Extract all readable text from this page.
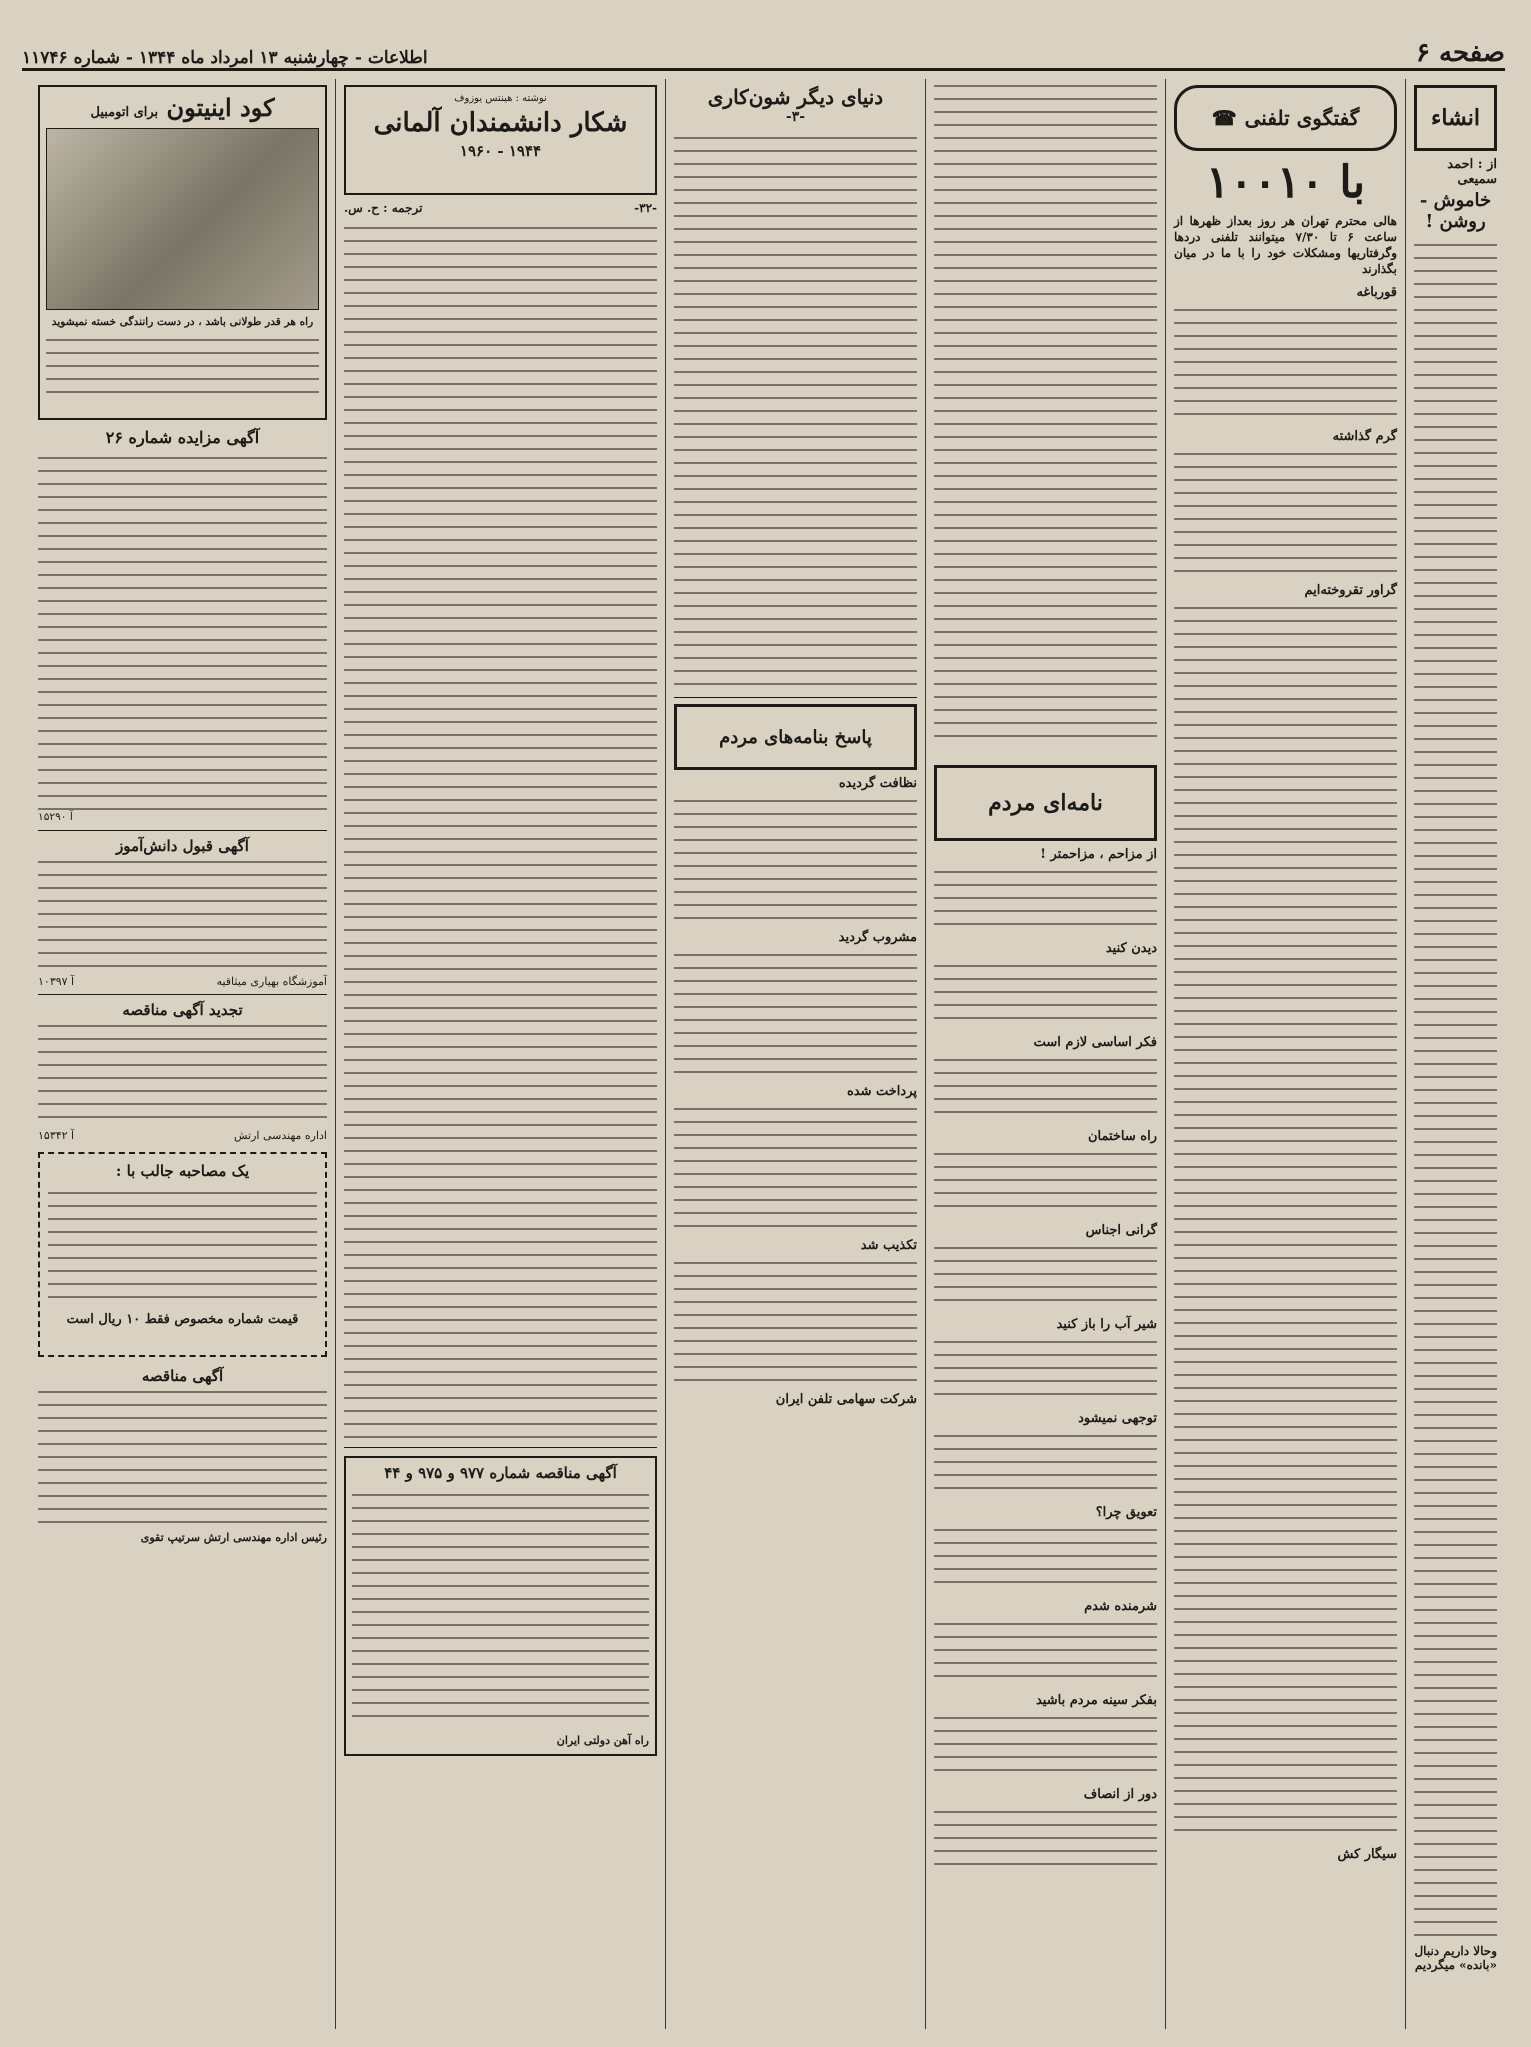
صفحه ۶
اطلاعات - چهارشنبه ۱۳ امرداد ماه ۱۳۴۴ - شماره ۱۱۷۴۶
انشاء
از : احمد سمیعی
خاموش - روشن !
وحالا داریم دنبال «بانده» میگردیم
گفتگوی تلفنی
☎
با ۱۰۰۱۰
هالی محترم تهران هر روز بعداز ظهرها از ساعت ۶ تا ۷/۳۰ میتوانند تلفنی دردها وگرفتاریها ومشکلات خود را با ما در میان بگذارند
قورباغه
گرم گذاشته
گراور تقروخته‌ایم
سیگار کش
نامه‌ای مردم
از مزاحم ، مزاحمتر !
دیدن کنید
فکر اساسی لازم است
راه ساختمان
گرانی اجناس
شیر آب را باز کنید
توجهی نمیشود
تعویق چرا؟
شرمنده شدم
بفکر سینه مردم باشید
دور از انصاف
دنیای دیگر شون‌کاری
-۳-
پاسخ بنامه‌های مردم
نظافت گردیده
مشروب گردید
پرداخت شده
تکذیب شد
شرکت سهامی تلفن ایران
نوشته : هینتس یوزوف
شکار دانشمندان آلمانی
۱۹۴۴ - ۱۹۶۰
-۳۲-
ترجمه : ح. س.
آگهی مناقصه شماره ۹۷۷ و ۹۷۵ و ۴۴
راه آهن دولتی ایران
کود اینیتون برای اتومبیل
راه هر قدر طولانی باشد ، در دست رانندگی خسته نمیشوید
آگهی مزایده شماره ۲۶
آ ۱۵۲۹۰
آگهی قبول دانش‌آموز
آموزشگاه بهیاری میثاقیه
آ ۱۰۳۹۷
تجدید آگهی مناقصه
اداره مهندسی ارتش
آ ۱۵۳۴۲
یک مصاحبه جالب با :
قیمت شماره مخصوص فقط ۱۰ ریال است
آگهی مناقصه
رئیس اداره مهندسی ارتش سرتیپ تقوی
